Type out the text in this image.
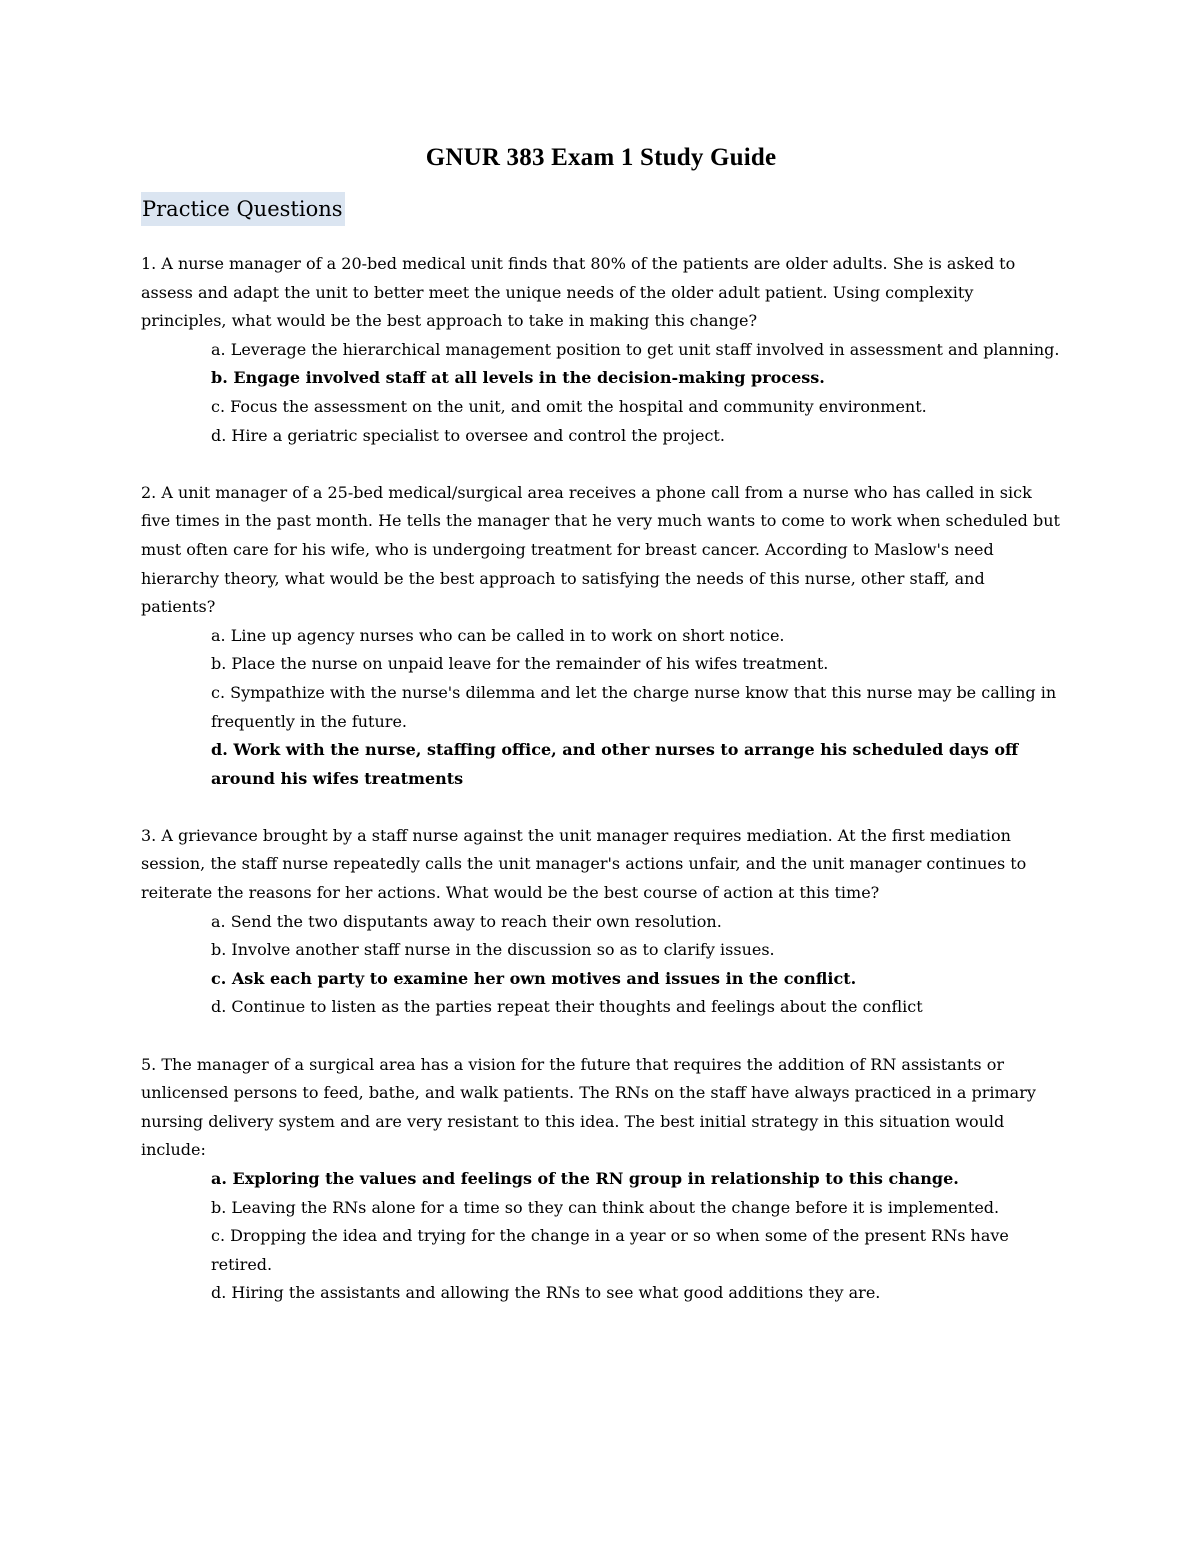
GNUR 383 Exam 1 Study Guide
Practice Questions

1. A nurse manager of a 20-bed medical unit finds that 80% of the patients are older adults. She is asked to assess and adapt the unit to better meet the unique needs of the older adult patient. Using complexity principles, what would be the best approach to take in making this change?

a. Leverage the hierarchical management position to get unit staff involved in assessment and planning.
b. Engage involved staff at all levels in the decision-making process.
c. Focus the assessment on the unit, and omit the hospital and community environment.
d. Hire a geriatric specialist to oversee and control the project.

2. A unit manager of a 25-bed medical/surgical area receives a phone call from a nurse who has called in sick five times in the past month. He tells the manager that he very much wants to come to work when scheduled but must often care for his wife, who is undergoing treatment for breast cancer. According to Maslow's need hierarchy theory, what would be the best approach to satisfying the needs of this nurse, other staff, and patients?

a. Line up agency nurses who can be called in to work on short notice.
b. Place the nurse on unpaid leave for the remainder of his wifes treatment.
c. Sympathize with the nurse's dilemma and let the charge nurse know that this nurse may be calling in frequently in the future.
d. Work with the nurse, staffing office, and other nurses to arrange his scheduled days off around his wifes treatments

3. A grievance brought by a staff nurse against the unit manager requires mediation. At the first mediation session, the staff nurse repeatedly calls the unit manager's actions unfair, and the unit manager continues to reiterate the reasons for her actions. What would be the best course of action at this time?

a. Send the two disputants away to reach their own resolution.
b. Involve another staff nurse in the discussion so as to clarify issues.
c. Ask each party to examine her own motives and issues in the conflict.
d. Continue to listen as the parties repeat their thoughts and feelings about the conflict

5. The manager of a surgical area has a vision for the future that requires the addition of RN assistants or unlicensed persons to feed, bathe, and walk patients. The RNs on the staff have always practiced in a primary nursing delivery system and are very resistant to this idea. The best initial strategy in this situation would include:

a. Exploring the values and feelings of the RN group in relationship to this change.
b. Leaving the RNs alone for a time so they can think about the change before it is implemented.
c. Dropping the idea and trying for the change in a year or so when some of the present RNs have retired.
d. Hiring the assistants and allowing the RNs to see what good additions they are.
